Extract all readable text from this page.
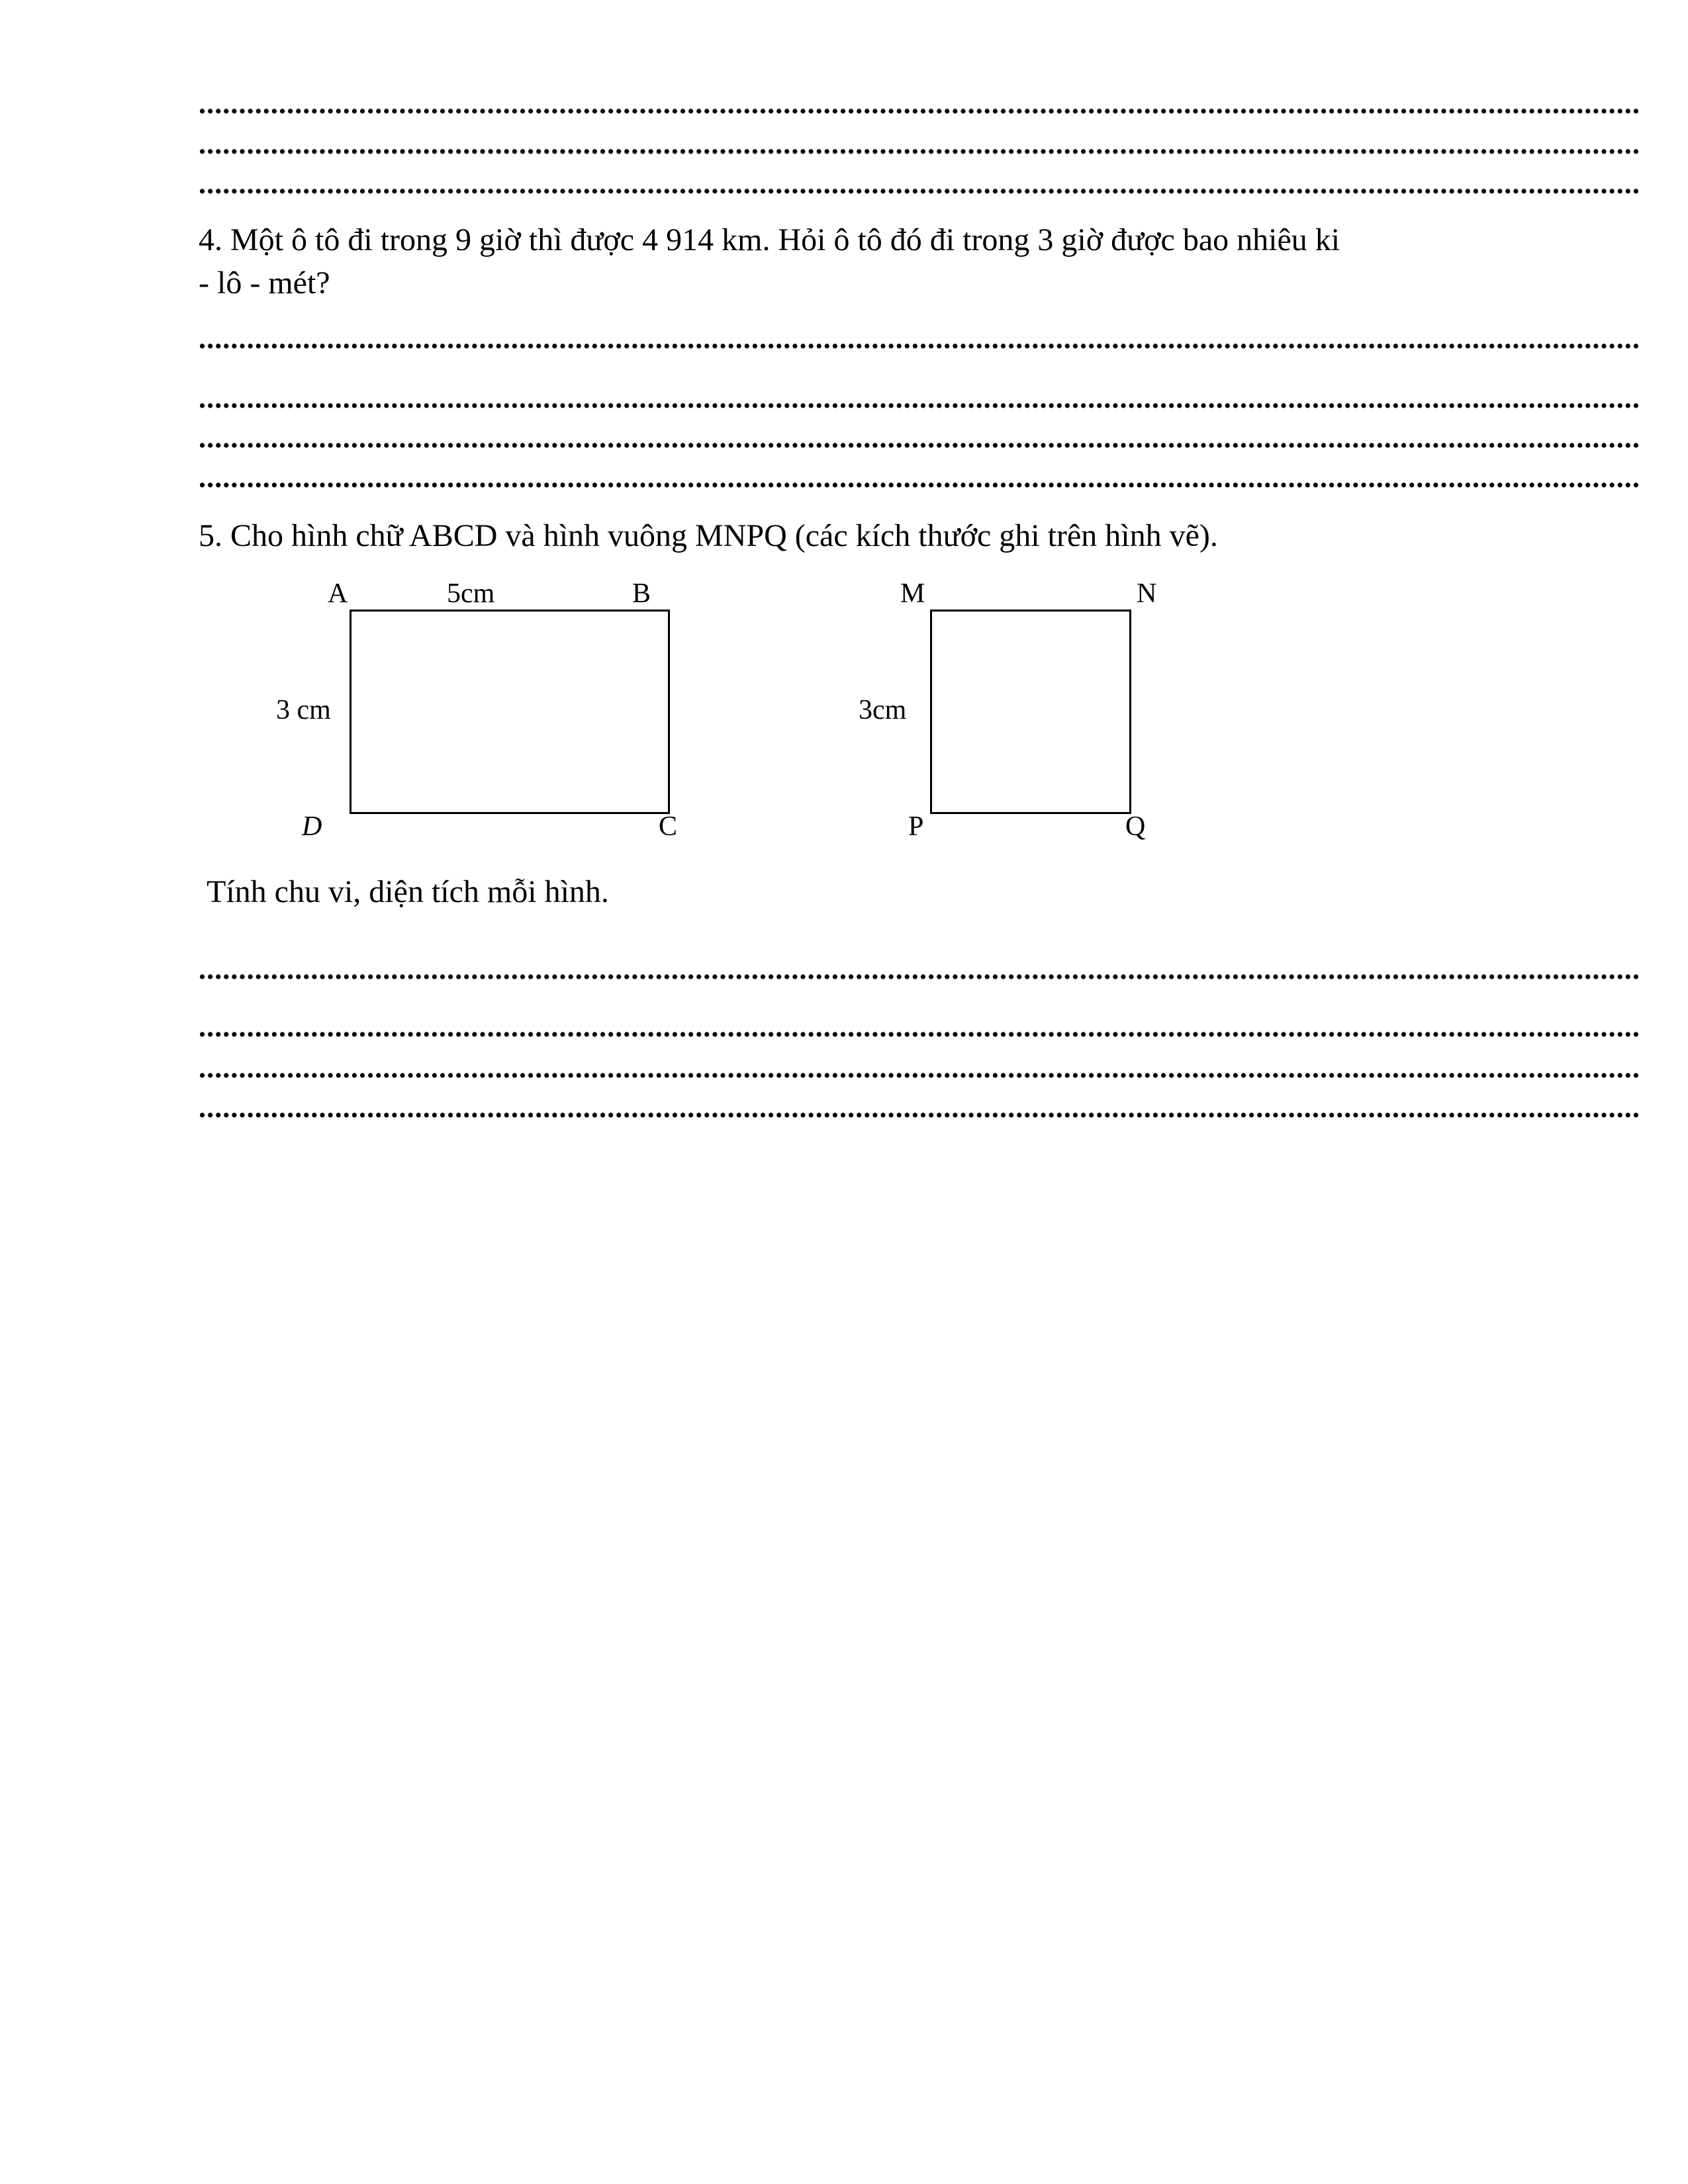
....................................................................................................................................................................................
....................................................................................................................................................................................
....................................................................................................................................................................................
4. Một ô tô đi trong 9 giờ thì được 4 914 km. Hỏi ô tô đó đi trong 3 giờ được bao nhiêu ki
- lô - mét?
....................................................................................................................................................................................
....................................................................................................................................................................................
....................................................................................................................................................................................
....................................................................................................................................................................................
5. Cho hình chữ ABCD và hình vuông MNPQ (các kích thước ghi trên hình vẽ).
A	B
C
D
5cm
3 cm
M	N
P	Q
3cm
Tính chu vi, diện tích mỗi hình.
....................................................................................................................................................................................
....................................................................................................................................................................................
....................................................................................................................................................................................
....................................................................................................................................................................................
